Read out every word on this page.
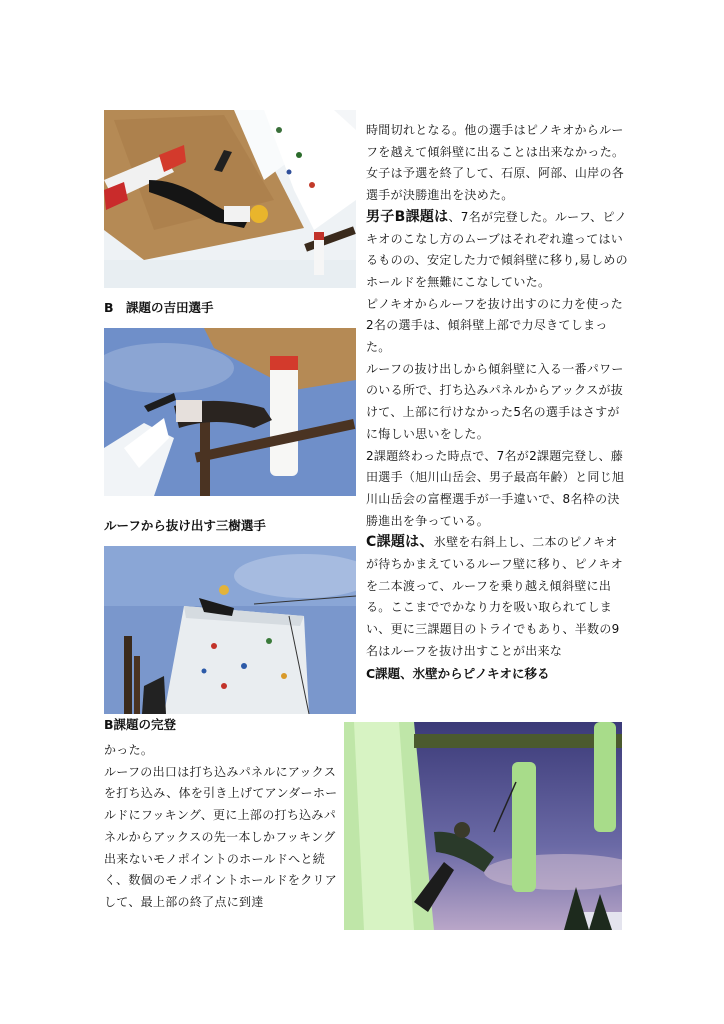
B　課題の吉田選手
ルーフから抜け出す三樹選手
B課題の完登

時間切れとなる。他の選手はピノキオからルーフを越えて傾斜壁に出ることは出来なかった。

女子は予選を終了して、石原、阿部、山岸の各選手が決勝進出を決めた。

男子B課題は、7名が完登した。ルーフ、ピノキオのこなし方のムーブはそれぞれ違ってはいるものの、安定した力で傾斜壁に移り,易しめのホールドを無難にこなしていた。

ピノキオからルーフを抜け出すのに力を使った2名の選手は、傾斜壁上部で力尽きてしまった。

ルーフの抜け出しから傾斜壁に入る一番パワーのいる所で、打ち込みパネルからアックスが抜けて、上部に行けなかった5名の選手はさすがに悔しい思いをした。

2課題終わった時点で、7名が2課題完登し、藤田選手（旭川山岳会、男子最高年齢）と同じ旭川山岳会の富樫選手が一手違いで、8名枠の決勝進出を争っている。

C課題は、氷壁を右斜上し、二本のピノキオが待ちかまえているルーフ壁に移り、ピノキオを二本渡って、ルーフを乗り越え傾斜壁に出る。ここまででかなり力を吸い取られてしまい、更に三課題目のトライでもあり、半数の9名はルーフを抜け出すことが出来な

C課題、氷壁からピノキオに移る

かった。

ルーフの出口は打ち込みパネルにアックスを打ち込み、体を引き上げてアンダーホールドにフッキング、更に上部の打ち込みパネルからアックスの先一本しかフッキング出来ないモノポイントのホールドへと続く、数個のモノポイントホールドをクリアして、最上部の終了点に到達
